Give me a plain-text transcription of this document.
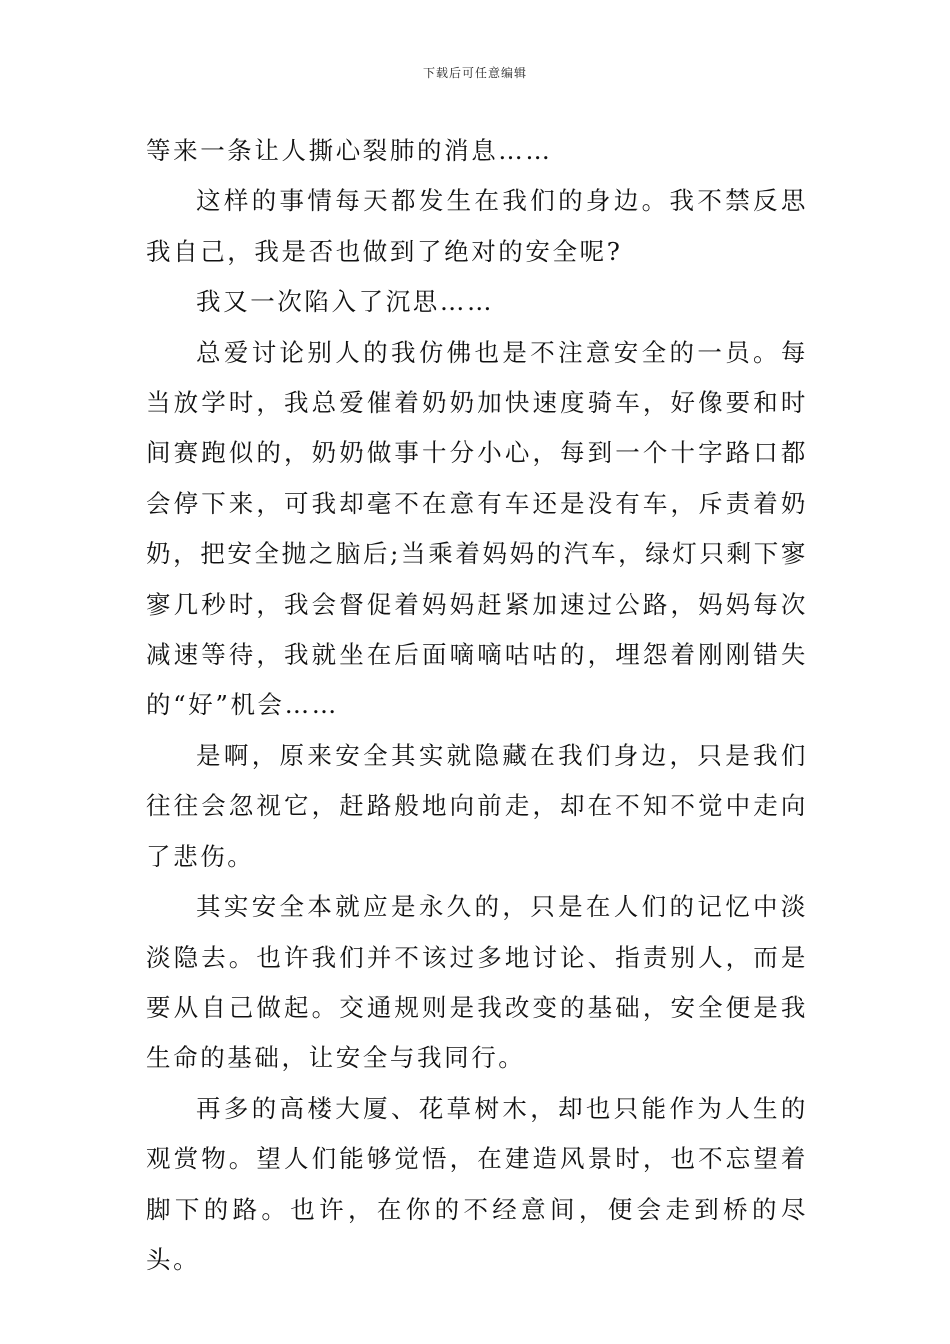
下载后可任意编辑

等来一条让人撕心裂肺的消息……

这样的事情每天都发生在我们的身边。我不禁反思我自己，我是否也做到了绝对的安全呢?

我又一次陷入了沉思……

总爱讨论别人的我仿佛也是不注意安全的一员。每当放学时，我总爱催着奶奶加快速度骑车，好像要和时间赛跑似的，奶奶做事十分小心，每到一个十字路口都会停下来，可我却毫不在意有车还是没有车，斥责着奶奶，把安全抛之脑后;当乘着妈妈的汽车，绿灯只剩下寥寥几秒时，我会督促着妈妈赶紧加速过公路，妈妈每次减速等待，我就坐在后面嘀嘀咕咕的，埋怨着刚刚错失的“好”机会……

是啊，原来安全其实就隐藏在我们身边，只是我们往往会忽视它，赶路般地向前走，却在不知不觉中走向了悲伤。

其实安全本就应是永久的，只是在人们的记忆中淡淡隐去。也许我们并不该过多地讨论、指责别人，而是要从自己做起。交通规则是我改变的基础，安全便是我生命的基础，让安全与我同行。

再多的高楼大厦、花草树木，却也只能作为人生的观赏物。望人们能够觉悟，在建造风景时，也不忘望着脚下的路。也许，在你的不经意间，便会走到桥的尽头。
